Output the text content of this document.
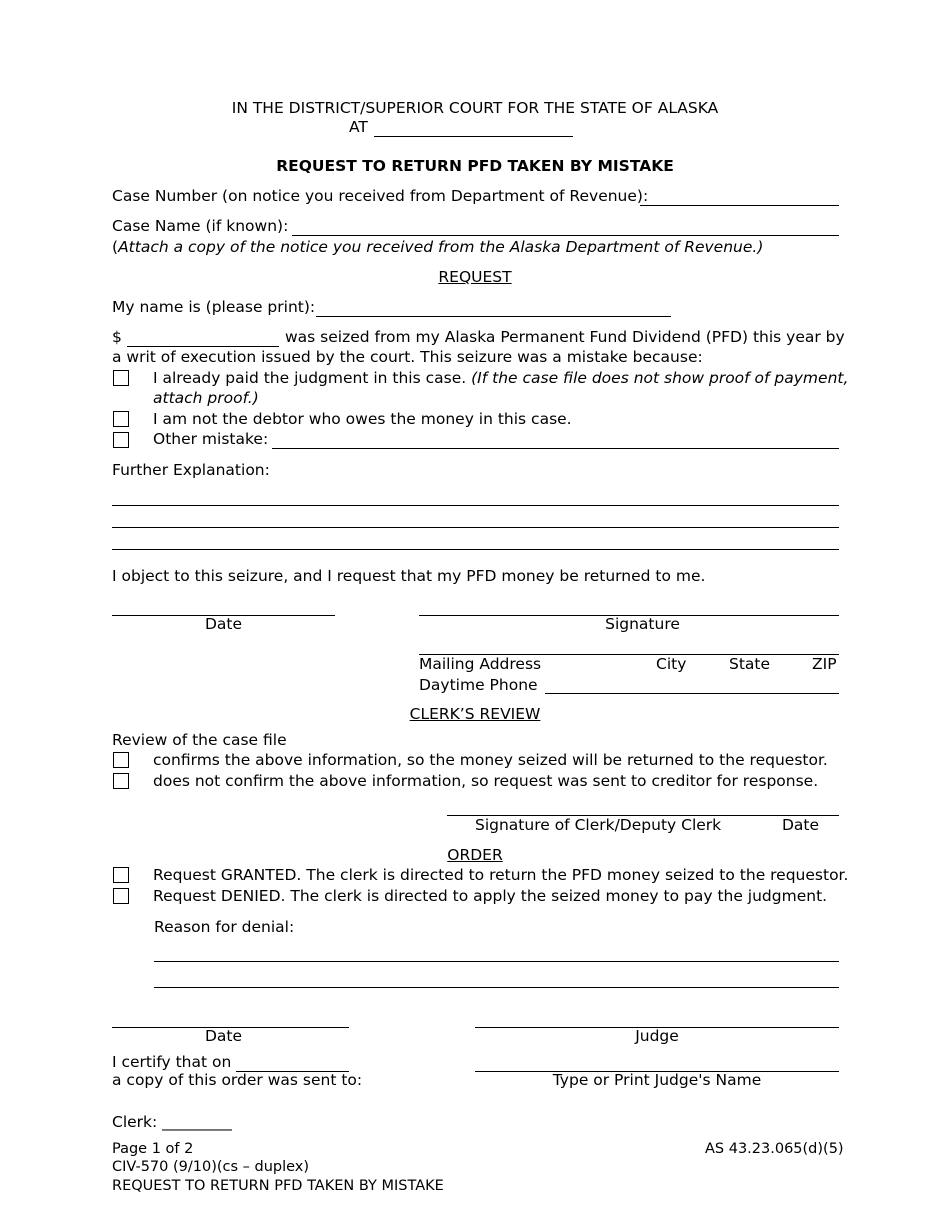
IN THE DISTRICT/SUPERIOR COURT FOR THE STATE OF ALASKA
AT
REQUEST TO RETURN PFD TAKEN BY MISTAKE
Case Number (on notice you received from Department of Revenue):
Case Name (if known):
(Attach a copy of the notice you received from the Alaska Department of Revenue.)
REQUEST
My name is (please print):
$	was seized from my Alaska Permanent Fund Dividend (PFD) this year by
a writ of execution issued by the court. This seizure was a mistake because:
I already paid the judgment in this case. (If the case file does not show proof of payment,
attach proof.)
I am not the debtor who owes the money in this case.
Other mistake:
Further Explanation:
I object to this seizure, and I request that my PFD money be returned to me.
Date	Signature
Mailing Address	City	State	ZIP
Daytime Phone
CLERK’S REVIEW
Review of the case file
confirms the above information, so the money seized will be returned to the requestor.
does not confirm the above information, so request was sent to creditor for response.
Signature of Clerk/Deputy Clerk	Date
ORDER
Request GRANTED. The clerk is directed to return the PFD money seized to the requestor.
Request DENIED. The clerk is directed to apply the seized money to pay the judgment.
Reason for denial:
Date	Judge
I certify that on
a copy of this order was sent to:	Type or Print Judge's Name
Clerk: _________
Page 1 of 2
CIV-570 (9/10)(cs – duplex)
REQUEST TO RETURN PFD TAKEN BY MISTAKE
AS 43.23.065(d)(5)
